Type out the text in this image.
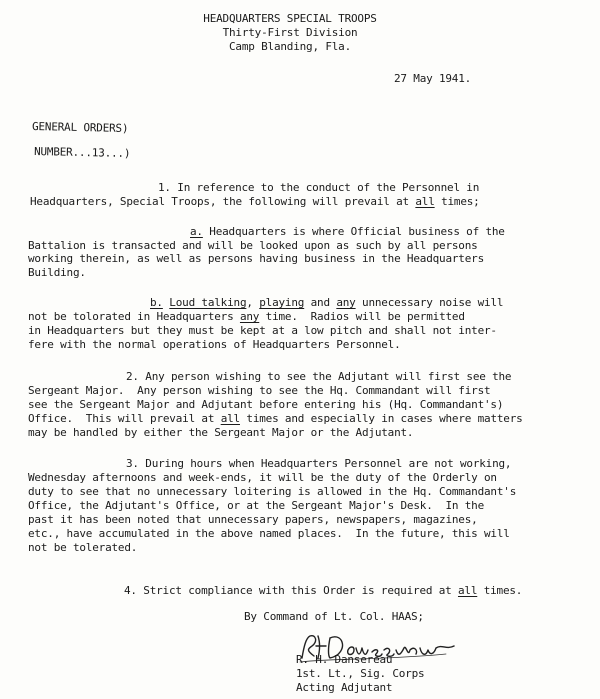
HEADQUARTERS SPECIAL TROOPS
Thirty-First Division
Camp Blanding, Fla.
27 May 1941.
GENERAL ORDERS)
NUMBER...13...)
1. In reference to the conduct of the Personnel in
Headquarters, Special Troops, the following will prevail at all times;
a. Headquarters is where Official business of the
Battalion is transacted and will be looked upon as such by all persons
working therein, as well as persons having business in the Headquarters
Building.
b. Loud talking, playing and any unnecessary noise will
not be tolorated in Headquarters any time.  Radios will be permitted
in Headquarters but they must be kept at a low pitch and shall not inter-
fere with the normal operations of Headquarters Personnel.
2. Any person wishing to see the Adjutant will first see the
Sergeant Major.  Any person wishing to see the Hq. Commandant will first
see the Sergeant Major and Adjutant before entering his (Hq. Commandant's)
Office.  This will prevail at all times and especially in cases where matters
may be handled by either the Sergeant Major or the Adjutant.
3. During hours when Headquarters Personnel are not working,
Wednesday afternoons and week-ends, it will be the duty of the Orderly on
duty to see that no unnecessary loitering is allowed in the Hq. Commandant's
Office, the Adjutant's Office, or at the Sergeant Major's Desk.  In the
past it has been noted that unnecessary papers, newspapers, magazines,
etc., have accumulated in the above named places.  In the future, this will
not be tolerated.
4. Strict compliance with this Order is required at all times.
By Command of Lt. Col. HAAS;
R. H. Dansereau
1st. Lt., Sig. Corps
Acting Adjutant
